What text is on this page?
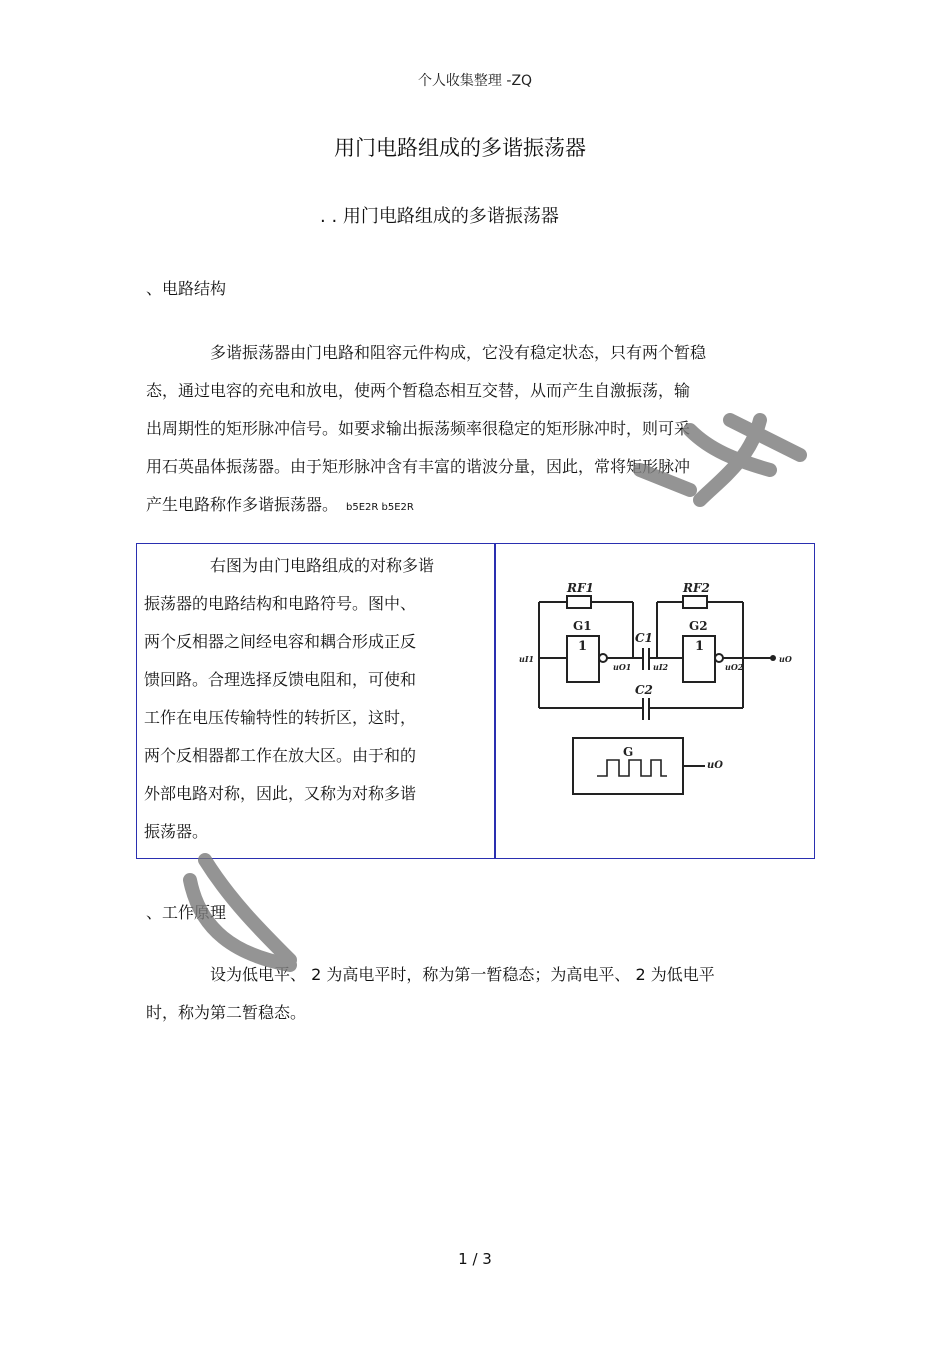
个人收集整理 -ZQ
用门电路组成的多谐振荡器
. . 用门电路组成的多谐振荡器
、电路结构
多谐振荡器由门电路和阻容元件构成，它没有稳定状态，只有两个暂稳
态，通过电容的充电和放电，使两个暂稳态相互交替，从而产生自激振荡，输
出周期性的矩形脉冲信号。如要求输出振荡频率很稳定的矩形脉冲时，则可采
用石英晶体振荡器。由于矩形脉冲含有丰富的谐波分量，因此，常将矩形脉冲
产生电路称作多谐振荡器。 b5E2R b5E2R
右图为由门电路组成的对称多谐
振荡器的电路结构和电路符号。图中、
两个反相器之间经电容和耦合形成正反
馈回路。合理选择反馈电阻和，可使和
工作在电压传输特性的转折区，这时，
两个反相器都工作在放大区。由于和的
外部电路对称，因此，又称为对称多谐
振荡器。
RF1	RF2
G1	G2
1	1
C1
C2
uI1
uO1	uI2	uO2
uO
G
uO
、工作原理
设为低电平、 2 为高电平时，称为第一暂稳态；为高电平、 2 为低电平
时，称为第二暂稳态。
1 / 3
